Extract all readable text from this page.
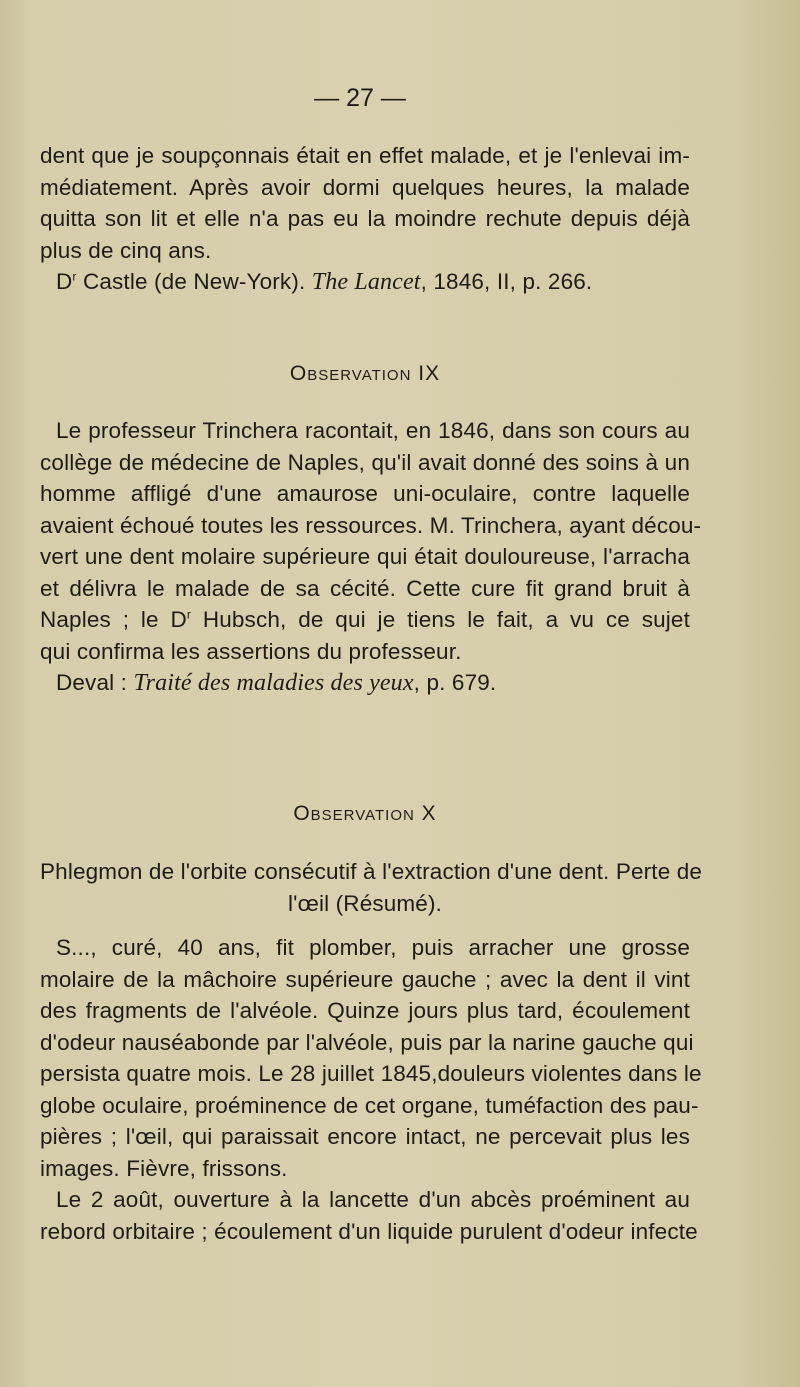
— 27 —
dent que je soupçonnais était en effet malade, et je l'enlevai im-
médiatement. Après avoir dormi quelques heures, la malade
quitta son lit et elle n'a pas eu la moindre rechute depuis déjà
plus de cinq ans.
$D^r$ Castle (de New-York). The Lancet, 1846, II, p. 266.
Observation IX
Le professeur Trinchera racontait, en 1846, dans son cours au
collège de médecine de Naples, qu'il avait donné des soins à un
homme affligé d'une amaurose uni-oculaire, contre laquelle
avaient échoué toutes les ressources. M. Trinchera, ayant décou-
vert une dent molaire supérieure qui était douloureuse, l'arracha
et délivra le malade de sa cécité. Cette cure fit grand bruit à
Naples ; le $D^r$ Hubsch, de qui je tiens le fait, a vu ce sujet
qui confirma les assertions du professeur.
Deval : Traité des maladies des yeux, p. 679.
Observation X
Phlegmon de l'orbite consécutif à l'extraction d'une dent. Perte de
l'œil (Résumé).
S..., curé, 40 ans, fit plomber, puis arracher une grosse
molaire de la mâchoire supérieure gauche ; avec la dent il vint
des fragments de l'alvéole. Quinze jours plus tard, écoulement
d'odeur nauséabonde par l'alvéole, puis par la narine gauche qui
persista quatre mois. Le 28 juillet 1845,douleurs violentes dans le
globe oculaire, proéminence de cet organe, tuméfaction des pau-
pières ; l'œil, qui paraissait encore intact, ne percevait plus les
images. Fièvre, frissons.
Le 2 août, ouverture à la lancette d'un abcès proéminent au
rebord orbitaire ; écoulement d'un liquide purulent d'odeur infecte
